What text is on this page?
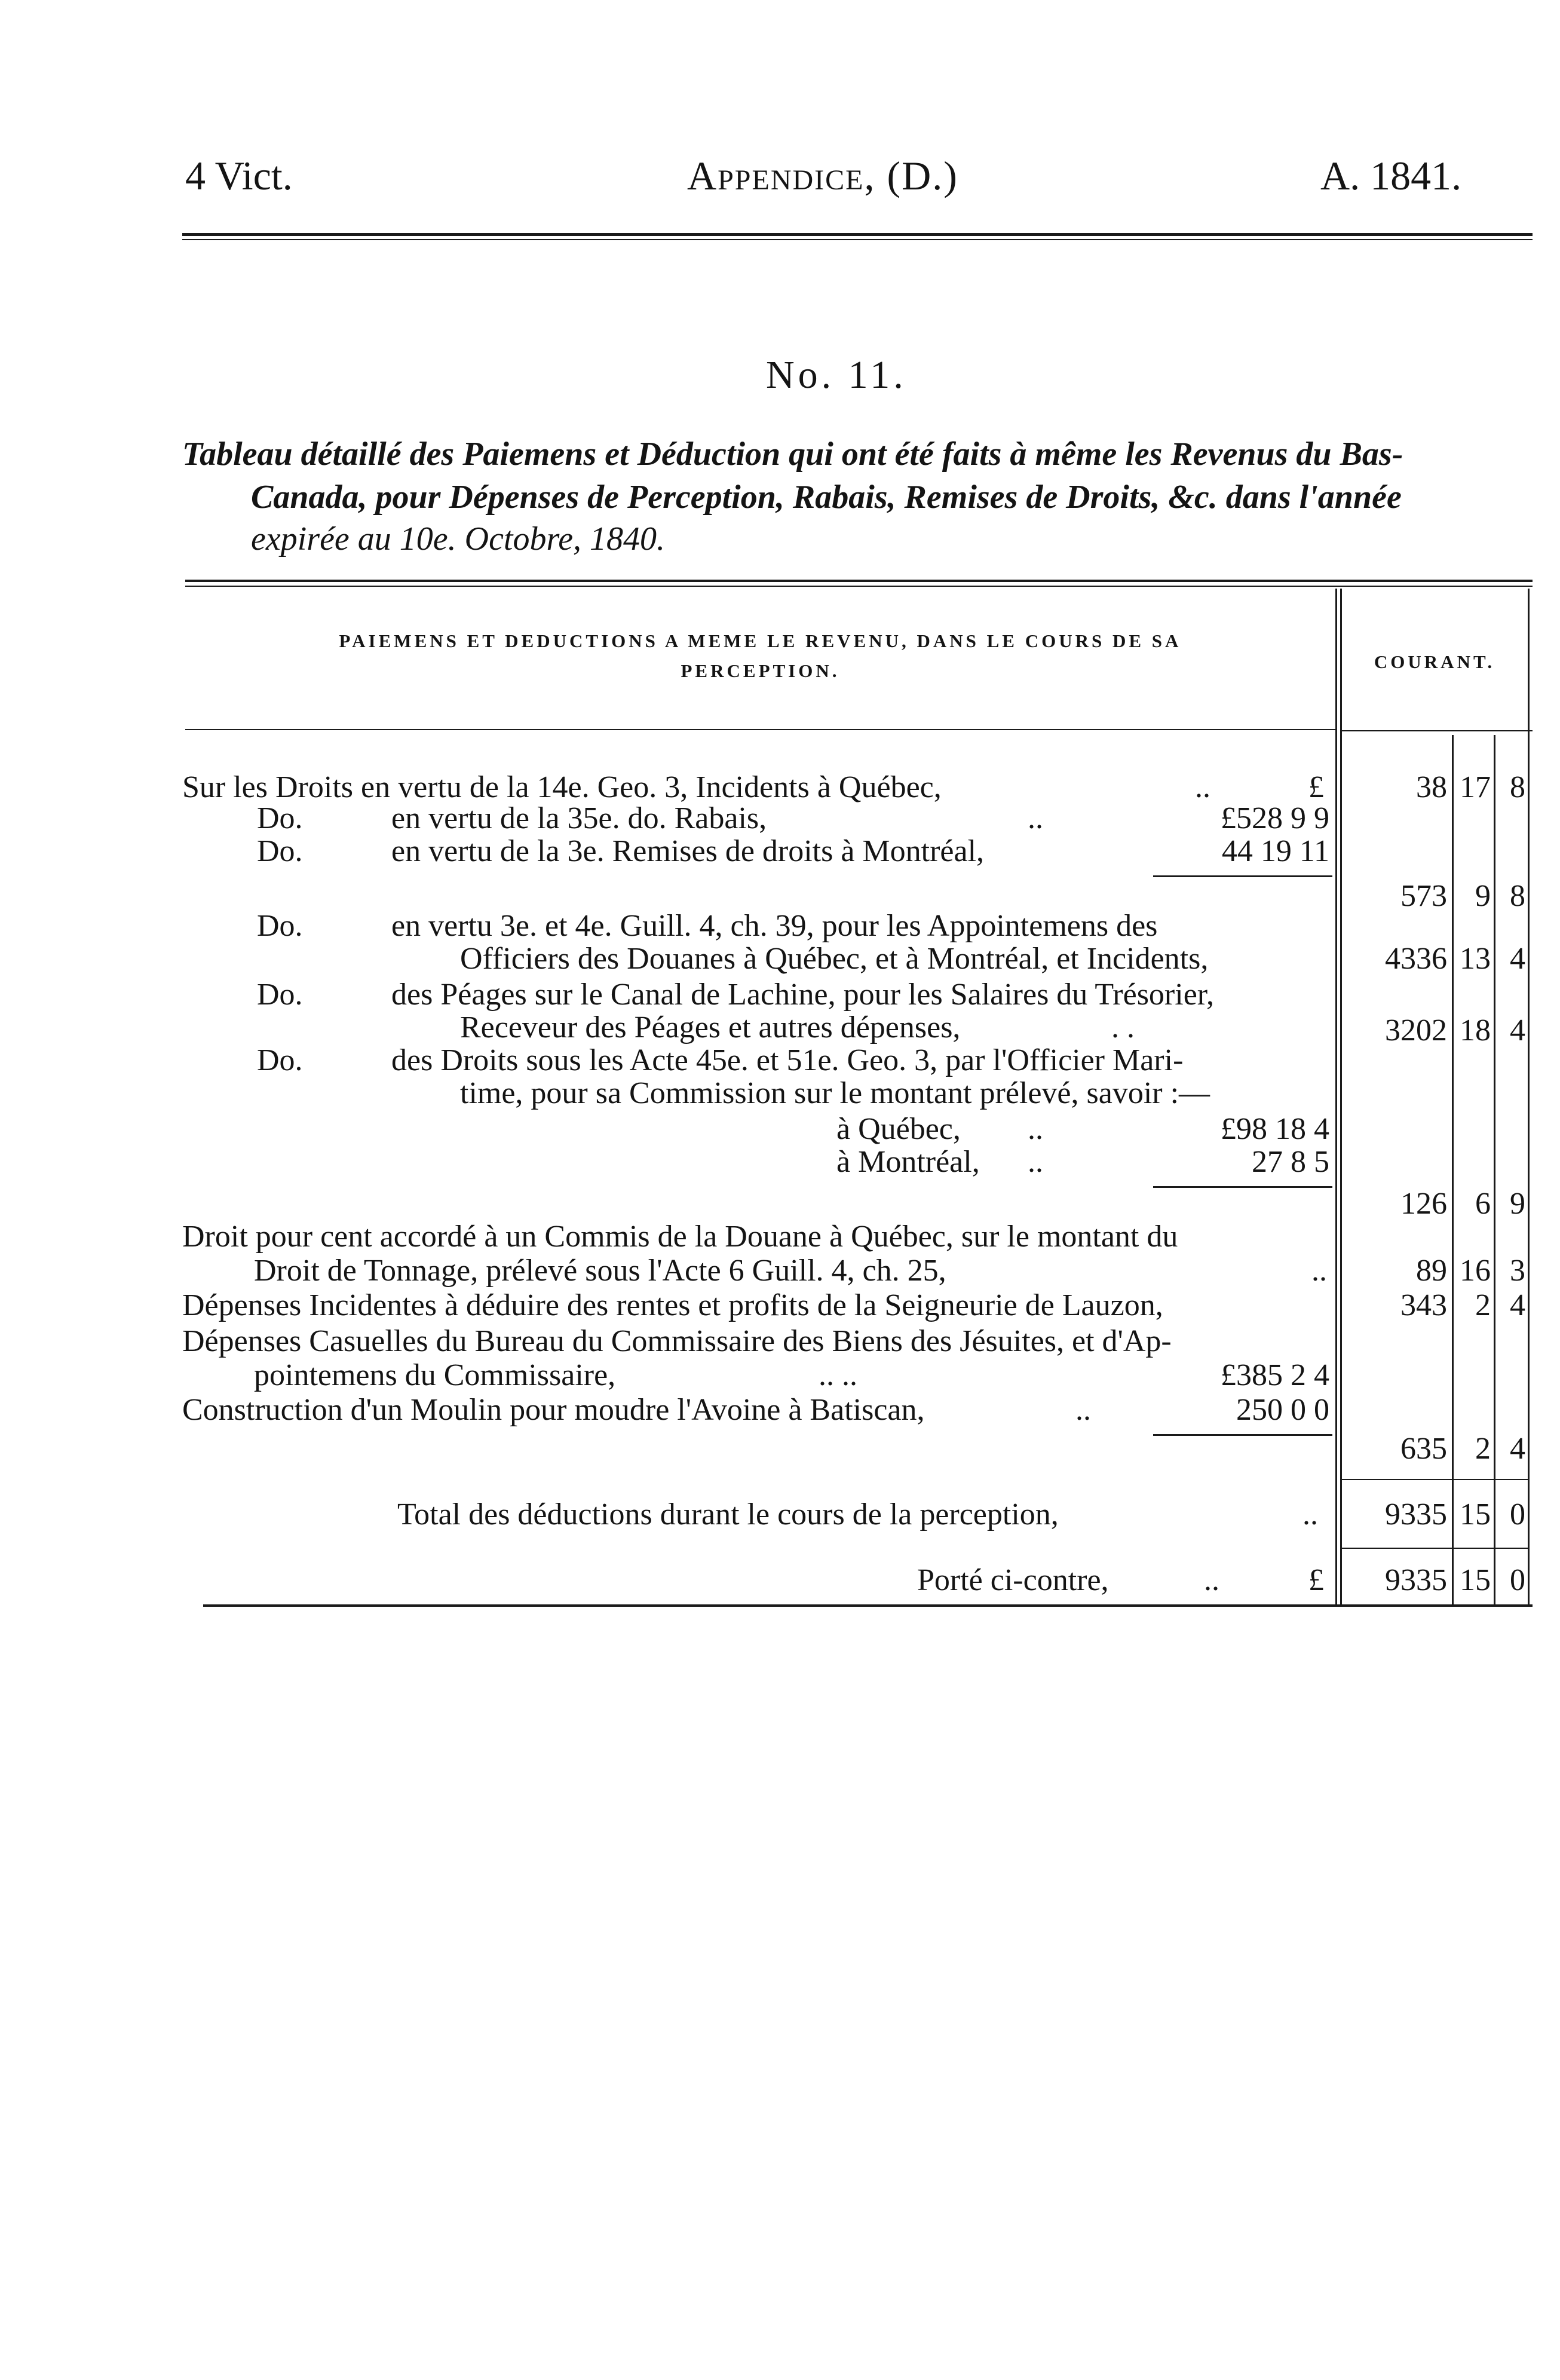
4 Vict.	Appendice, (D.)	A. 1841.
No. 11.
Tableau détaillé des Paiemens et Déduction qui ont été faits à même les Revenus du Bas-
Canada, pour Dépenses de Perception, Rabais, Remises de Droits, &c. dans l'année
expirée au 10e. Octobre, 1840.
PAIEMENS ET DEDUCTIONS A MEME LE REVENU, DANS LE COURS DE SA
PERCEPTION.	COURANT.
Sur les Droits en vertu de la 14e. Geo. 3, Incidents à Québec,	..	£	38 17 8
Do.	en vertu de la 35e. do. Rabais,	..	£528 9 9
Do.	en vertu de la 3e. Remises de droits à Montréal,	44 19 11
573 9 8
Do.	en vertu 3e. et 4e. Guill. 4, ch. 39, pour les Appointemens des
Officiers des Douanes à Québec, et à Montréal, et Incidents,	4336 13 4
Do.	des Péages sur le Canal de Lachine, pour les Salaires du Trésorier,
Receveur des Péages et autres dépenses,	. .	3202 18 4
Do.	des Droits sous les Acte 45e. et 51e. Geo. 3, par l'Officier Mari-
time, pour sa Commission sur le montant prélevé, savoir :—
à Québec, ..	£98 18 4
à Montréal, ..	27 8 5
126 6 9
Droit pour cent accordé à un Commis de la Douane à Québec, sur le montant du
Droit de Tonnage, prélevé sous l'Acte 6 Guill. 4, ch. 25,	..	89 16 3
Dépenses Incidentes à déduire des rentes et profits de la Seigneurie de Lauzon,	343 2 4
Dépenses Casuelles du Bureau du Commissaire des Biens des Jésuites, et d'Ap-
pointemens du Commissaire,	.. ..	£385 2 4
Construction d'un Moulin pour moudre l'Avoine à Batiscan,	..	250 0 0
635 2 4
Total des déductions durant le cours de la perception,	..	9335 15 0
Porté ci-contre,	..	£	9335 15 0
